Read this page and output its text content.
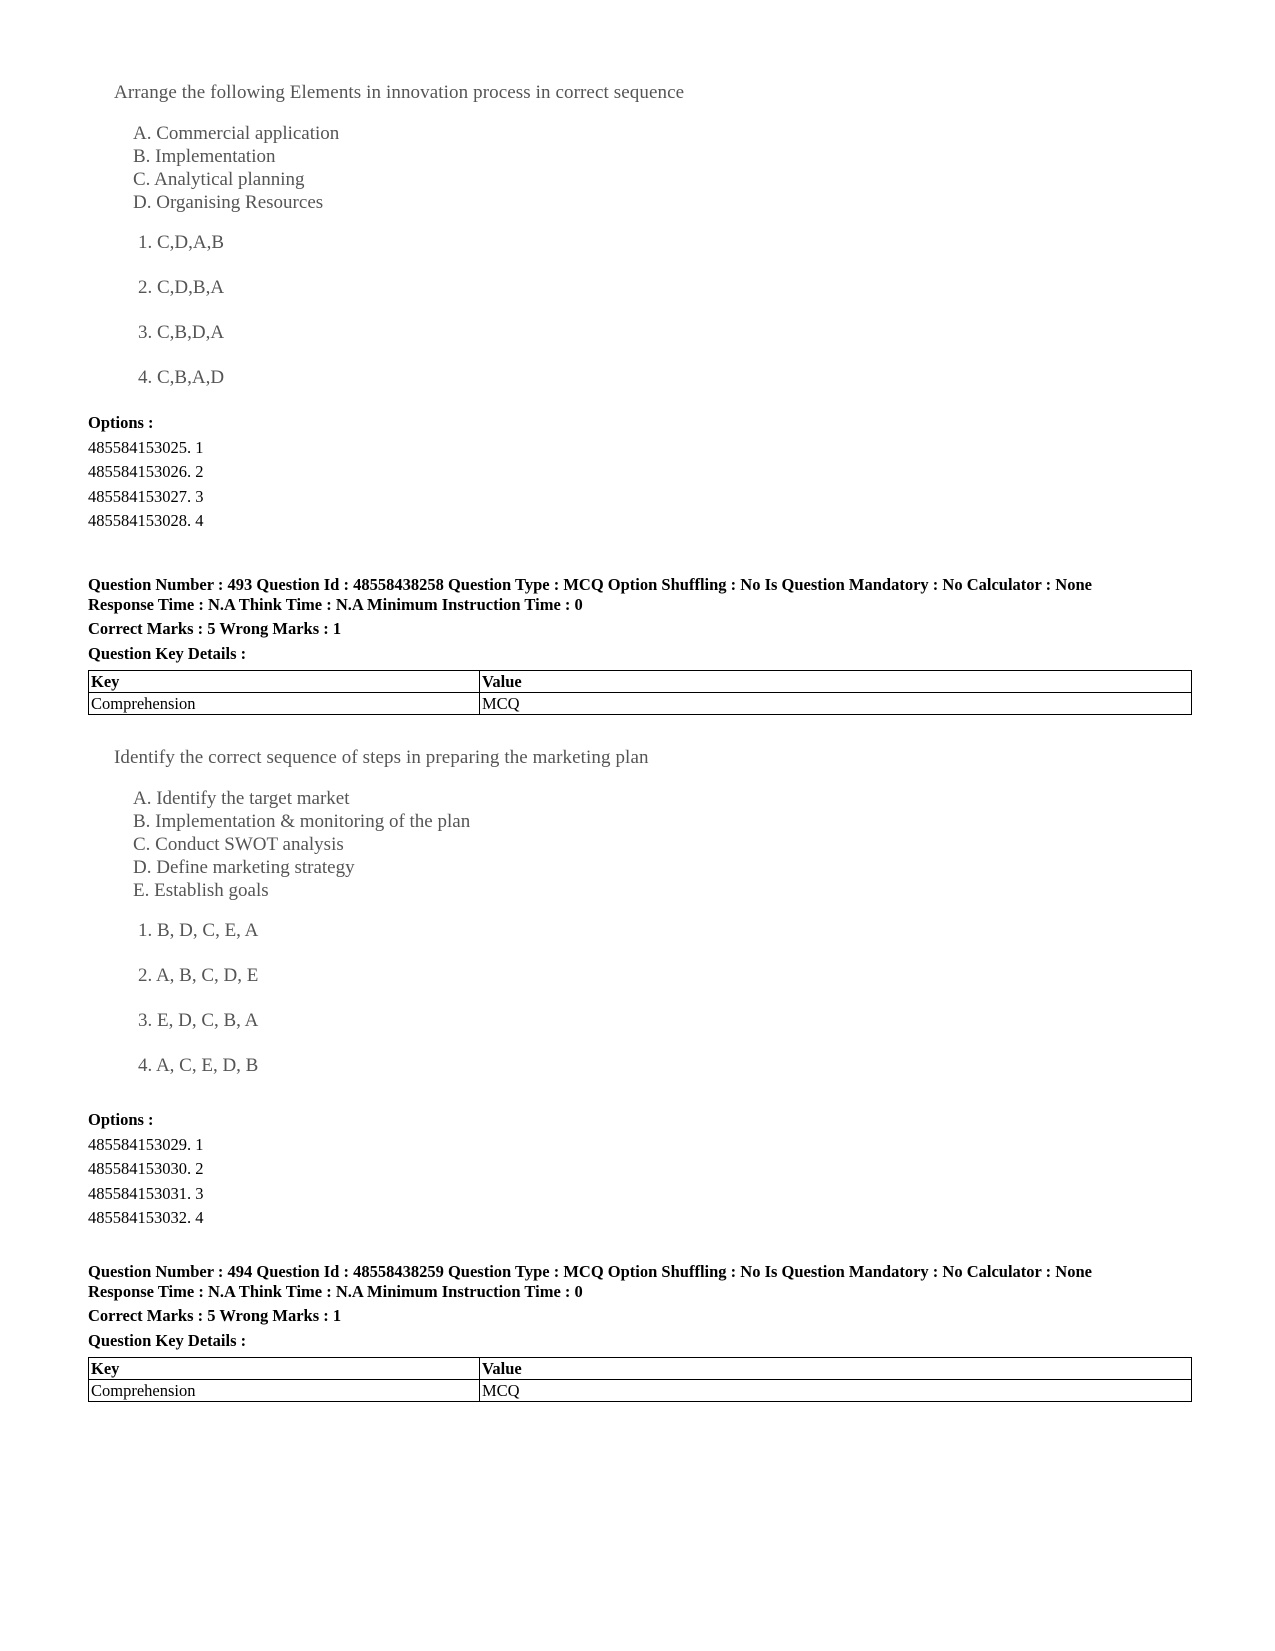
Arrange the following Elements in innovation process in correct sequence
A. Commercial application
B. Implementation
C. Analytical planning
D. Organising Resources
1. C,D,A,B
2. C,D,B,A
3. C,B,D,A
4. C,B,A,D
Options :
485584153025. 1
485584153026. 2
485584153027. 3
485584153028. 4
Question Number : 493 Question Id : 48558438258 Question Type : MCQ Option Shuffling : No Is Question Mandatory : No Calculator : None
Response Time : N.A Think Time : N.A Minimum Instruction Time : 0
Correct Marks : 5 Wrong Marks : 1
Question Key Details :
Key	Value
Comprehension	MCQ
Identify the correct sequence of steps in preparing the marketing plan
A. Identify the target market
B. Implementation & monitoring of the plan
C. Conduct SWOT analysis
D. Define marketing strategy
E. Establish goals
1. B, D, C, E, A
2. A, B, C, D, E
3. E, D, C, B, A
4. A, C, E, D, B
Options :
485584153029. 1
485584153030. 2
485584153031. 3
485584153032. 4
Question Number : 494 Question Id : 48558438259 Question Type : MCQ Option Shuffling : No Is Question Mandatory : No Calculator : None
Response Time : N.A Think Time : N.A Minimum Instruction Time : 0
Correct Marks : 5 Wrong Marks : 1
Question Key Details :
Key	Value
Comprehension	MCQ
